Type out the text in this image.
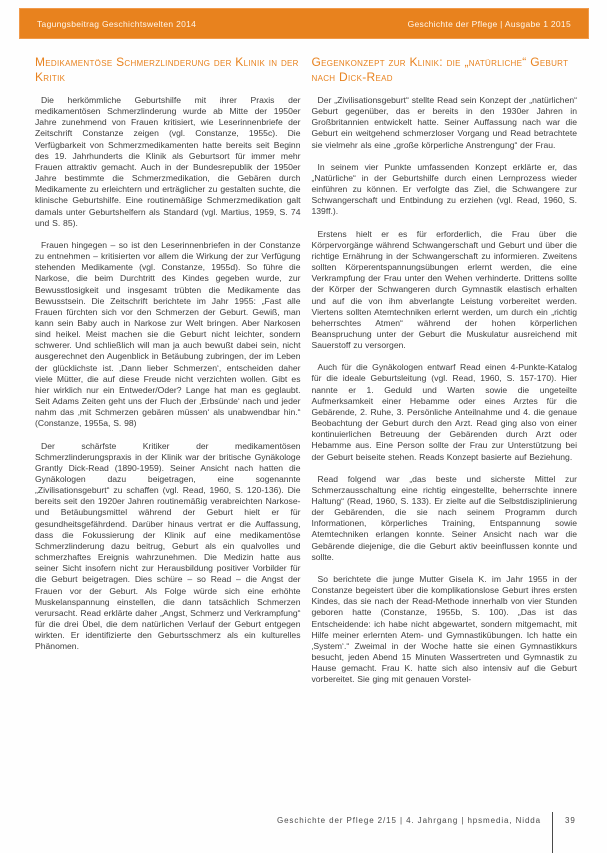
Tagungsbeitrag Geschichtswelten 2014	Geschichte der Pflege | Ausgabe 1 2015
Medikamentöse Schmerzlinderung der Klinik in der Kritik

Die herkömmliche Geburtshilfe mit ihrer Praxis der medikamentösen Schmerzlinderung wurde ab Mitte der 1950er Jahre zunehmend von Frauen kritisiert, wie Leserinnenbriefe der Zeitschrift Constanze zeigen (vgl. Constanze, 1955c). Die Verfügbarkeit von Schmerzmedikamenten hatte bereits seit Beginn des 19. Jahrhunderts die Klinik als Geburtsort für immer mehr Frauen attraktiv gemacht. Auch in der Bundesrepublik der 1950er Jahre bestimmte die Schmerzmedikation, die Gebären durch Medikamente zu erleichtern und erträglicher zu gestalten suchte, die klinische Geburtshilfe. Eine routinemäßige Schmerzmedikation galt damals unter Geburtshelfern als Standard (vgl. Martius, 1959, S. 74 und S. 85).

Frauen hingegen – so ist den Leserinnenbriefen in der Constanze zu entnehmen – kritisierten vor allem die Wirkung der zur Verfügung stehenden Medikamente (vgl. Constanze, 1955d). So führe die Narkose, die beim Durchtritt des Kindes gegeben wurde, zur Bewusstlosigkeit und insgesamt trübten die Medikamente das Bewusstsein. Die Zeitschrift berichtete im Jahr 1955: „Fast alle Frauen fürchten sich vor den Schmerzen der Geburt. Gewiß, man kann sein Baby auch in Narkose zur Welt bringen. Aber Narkosen sind heikel. Meist machen sie die Geburt nicht leichter, sondern schwerer. Und schließlich will man ja auch bewußt dabei sein, nicht ausgerechnet den Augenblick in Betäubung zubringen, der im Leben der glücklichste ist. ‚Dann lieber Schmerzen‘, entscheiden daher viele Mütter, die auf diese Freude nicht verzichten wollen. Gibt es hier wirklich nur ein Entweder/Oder? Lange hat man es geglaubt. Seit Adams Zeiten geht uns der Fluch der ‚Erbsünde‘ nach und jeder nahm das ‚mit Schmerzen gebären müssen‘ als unabwendbar hin.“ (Constanze, 1955a, S. 98)

Der schärfste Kritiker der medikamentösen Schmerzlinderungspraxis in der Klinik war der britische Gynäkologe Grantly Dick-Read (1890-1959). Seiner Ansicht nach hatten die Gynäkologen dazu beigetragen, eine sogenannte „Zivilisationsgeburt“ zu schaffen (vgl. Read, 1960, S. 120-136). Die bereits seit den 1920er Jahren routinemäßig verabreichten Narkose- und Betäubungsmittel während der Geburt hielt er für gesundheitsgefährdend. Darüber hinaus vertrat er die Auffassung, dass die Fokussierung der Klinik auf eine medikamentöse Schmerzlinderung dazu beitrug, Geburt als ein qualvolles und schmerzhaftes Ereignis wahrzunehmen. Die Medizin hatte aus seiner Sicht insofern nicht zur Herausbildung positiver Vorbilder für die Geburt beigetragen. Dies schüre – so Read – die Angst der Frauen vor der Geburt. Als Folge würde sich eine erhöhte Muskelanspannung einstellen, die dann tatsächlich Schmerzen verursacht. Read erklärte daher „Angst, Schmerz und Verkrampfung“ für die drei Übel, die dem natürlichen Verlauf der Geburt entgegen wirkten. Er identifizierte den Geburtsschmerz als ein kulturelles Phänomen.

Gegenkonzept zur Klinik: die „natürliche“ Geburt nach Dick-Read

Der „Zivilisationsgeburt“ stellte Read sein Konzept der „natürlichen“ Geburt gegenüber, das er bereits in den 1930er Jahren in Großbritannien entwickelt hatte. Seiner Auffassung nach war die Geburt ein weitgehend schmerzloser Vorgang und Read betrachtete sie vielmehr als eine „große körperliche Anstrengung“ der Frau.

In seinem vier Punkte umfassenden Konzept erklärte er, das „Natürliche“ in der Geburtshilfe durch einen Lernprozess wieder einführen zu können. Er verfolgte das Ziel, die Schwangere zur Schwangerschaft und Entbindung zu erziehen (vgl. Read, 1960, S. 139ff.).

Erstens hielt er es für erforderlich, die Frau über die Körpervorgänge während Schwangerschaft und Geburt und über die richtige Ernährung in der Schwangerschaft zu informieren. Zweitens sollten Körperentspannungsübungen erlernt werden, die eine Verkrampfung der Frau unter den Wehen verhinderte. Drittens sollte der Körper der Schwangeren durch Gymnastik elastisch erhalten und auf die von ihm abverlangte Leistung vorbereitet werden. Viertens sollten Atemtechniken erlernt werden, um durch ein „richtig beherrschtes Atmen“ während der hohen körperlichen Beanspruchung unter der Geburt die Muskulatur ausreichend mit Sauerstoff zu versorgen.

Auch für die Gynäkologen entwarf Read einen 4-Punkte-Katalog für die ideale Geburtsleitung (vgl. Read, 1960, S. 157-170). Hier nannte er 1. Geduld und Warten sowie die ungeteilte Aufmerksamkeit einer Hebamme oder eines Arztes für die Gebärende, 2. Ruhe, 3. Persönliche Anteilnahme und 4. die genaue Beobachtung der Geburt durch den Arzt. Read ging also von einer kontinuierlichen Betreuung der Gebärenden durch Arzt oder Hebamme aus. Eine Person sollte der Frau zur Unterstützung bei der Geburt beiseite stehen. Reads Konzept basierte auf Beziehung.

Read folgend war „das beste und sicherste Mittel zur Schmerzausschaltung eine richtig eingestellte, beherrschte innere Haltung“ (Read, 1960, S. 133). Er zielte auf die Selbstdisziplinierung der Gebärenden, die sie nach seinem Programm durch Informationen, körperliches Training, Entspannung sowie Atemtechniken erlangen konnte. Seiner Ansicht nach war die Gebärende diejenige, die die Geburt aktiv beeinflussen konnte und sollte.

So berichtete die junge Mutter Gisela K. im Jahr 1955 in der Constanze begeistert über die komplikationslose Geburt ihres ersten Kindes, das sie nach der Read-Methode innerhalb von vier Stunden geboren hatte (Constanze, 1955b, S. 100). „Das ist das Entscheidende: ich habe nicht abgewartet, sondern mitgemacht, mit Hilfe meiner erlernten Atem- und Gymnastikübungen. Ich hatte ein ‚System‘.“ Zweimal in der Woche hatte sie einen Gymnastikkurs besucht, jeden Abend 15 Minuten Wassertreten und Gymnastik zu Hause gemacht. Frau K. hatte sich also intensiv auf die Geburt vorbereitet. Sie ging mit genauen Vorstel-

Geschichte der Pflege 2/15 | 4. Jahrgang | hpsmedia, Nidda	39
